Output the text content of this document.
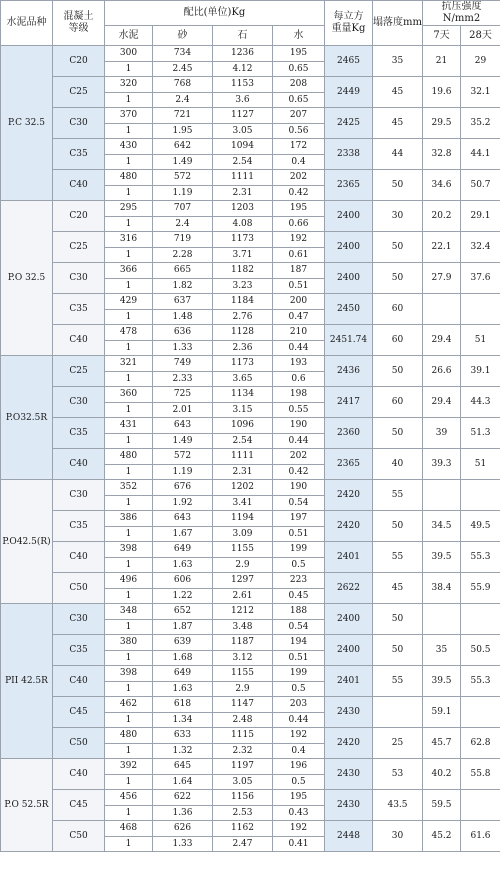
水泥品种	混凝土
等级	配比(单位)Kg				每立方
重量Kg	塌落度mm	抗压强度N/mm2	
		水泥	砂	石	水			7天	28天
P.C 32.5	C20	300	734	1236	195	2465	35	21	29
		1	2.45	4.12	0.65				
	C25	320	768	1153	208	2449	45	19.6	32.1
		1	2.4	3.6	0.65				
	C30	370	721	1127	207	2425	45	29.5	35.2
		1	1.95	3.05	0.56				
	C35	430	642	1094	172	2338	44	32.8	44.1
		1	1.49	2.54	0.4				
	C40	480	572	1111	202	2365	50	34.6	50.7
		1	1.19	2.31	0.42				
P.O 32.5	C20	295	707	1203	195	2400	30	20.2	29.1
		1	2.4	4.08	0.66				
	C25	316	719	1173	192	2400	50	22.1	32.4
		1	2.28	3.71	0.61				
	C30	366	665	1182	187	2400	50	27.9	37.6
		1	1.82	3.23	0.51				
	C35	429	637	1184	200	2450	60		
		1	1.48	2.76	0.47				
	C40	478	636	1128	210	2451.74	60	29.4	51
		1	1.33	2.36	0.44				
P.O32.5R	C25	321	749	1173	193	2436	50	26.6	39.1
		1	2.33	3.65	0.6				
	C30	360	725	1134	198	2417	60	29.4	44.3
		1	2.01	3.15	0.55				
	C35	431	643	1096	190	2360	50	39	51.3
		1	1.49	2.54	0.44				
	C40	480	572	1111	202	2365	40	39.3	51
		1	1.19	2.31	0.42				
P.O42.5(R)	C30	352	676	1202	190	2420	55		
		1	1.92	3.41	0.54				
	C35	386	643	1194	197	2420	50	34.5	49.5
		1	1.67	3.09	0.51				
	C40	398	649	1155	199	2401	55	39.5	55.3
		1	1.63	2.9	0.5				
	C50	496	606	1297	223	2622	45	38.4	55.9
		1	1.22	2.61	0.45				
PII 42.5R	C30	348	652	1212	188	2400	50		
		1	1.87	3.48	0.54				
	C35	380	639	1187	194	2400	50	35	50.5
		1	1.68	3.12	0.51				
	C40	398	649	1155	199	2401	55	39.5	55.3
		1	1.63	2.9	0.5				
	C45	462	618	1147	203	2430		59.1	
		1	1.34	2.48	0.44				
	C50	480	633	1115	192	2420	25	45.7	62.8
		1	1.32	2.32	0.4				
P.O 52.5R	C40	392	645	1197	196	2430	53	40.2	55.8
		1	1.64	3.05	0.5				
	C45	456	622	1156	195	2430	43.5	59.5	
		1	1.36	2.53	0.43				
	C50	468	626	1162	192	2448	30	45.2	61.6
		1	1.33	2.47	0.41				
